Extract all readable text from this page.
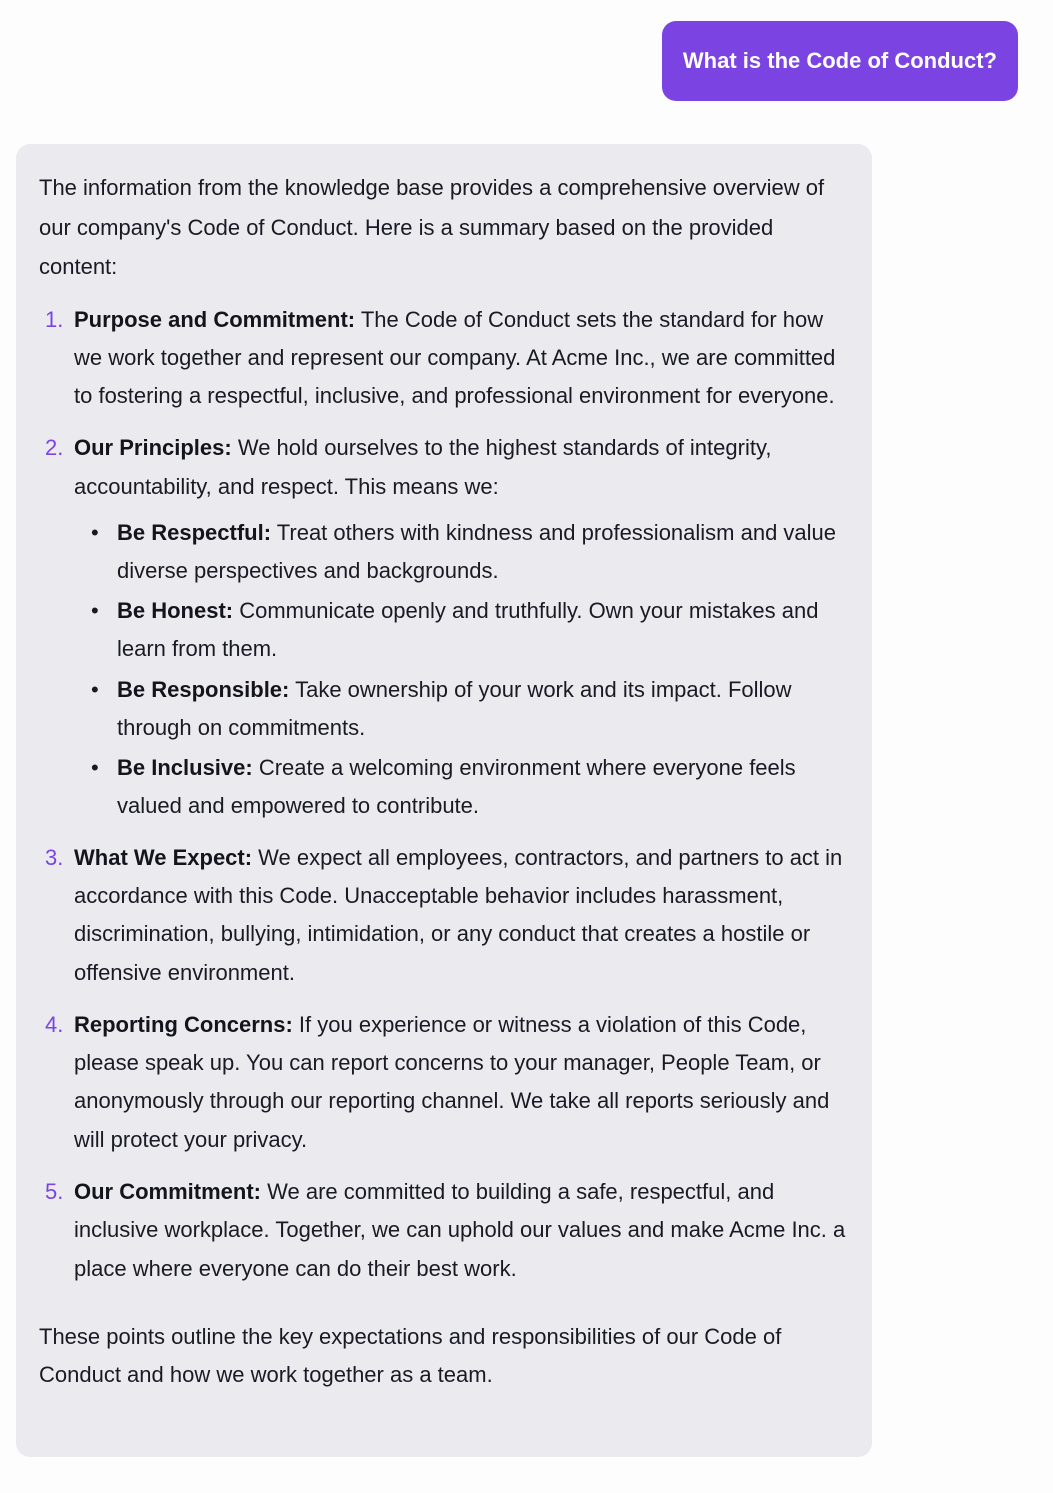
What is the Code of Conduct?

The information from the knowledge base provides a comprehensive overview of our company's Code of Conduct. Here is a summary based on the provided content:

1. Purpose and Commitment: The Code of Conduct sets the standard for how we work together and represent our company. At Acme Inc., we are committed to fostering a respectful, inclusive, and professional environment for everyone.
2. Our Principles: We hold ourselves to the highest standards of integrity, accountability, and respect. This means we:
• Be Respectful: Treat others with kindness and professionalism and value diverse perspectives and backgrounds.
• Be Honest: Communicate openly and truthfully. Own your mistakes and learn from them.
• Be Responsible: Take ownership of your work and its impact. Follow through on commitments.
• Be Inclusive: Create a welcoming environment where everyone feels valued and empowered to contribute.
3. What We Expect: We expect all employees, contractors, and partners to act in accordance with this Code. Unacceptable behavior includes harassment, discrimination, bullying, intimidation, or any conduct that creates a hostile or offensive environment.
4. Reporting Concerns: If you experience or witness a violation of this Code, please speak up. You can report concerns to your manager, People Team, or anonymously through our reporting channel. We take all reports seriously and will protect your privacy.
5. Our Commitment: We are committed to building a safe, respectful, and inclusive workplace. Together, we can uphold our values and make Acme Inc. a place where everyone can do their best work.

These points outline the key expectations and responsibilities of our Code of Conduct and how we work together as a team.
